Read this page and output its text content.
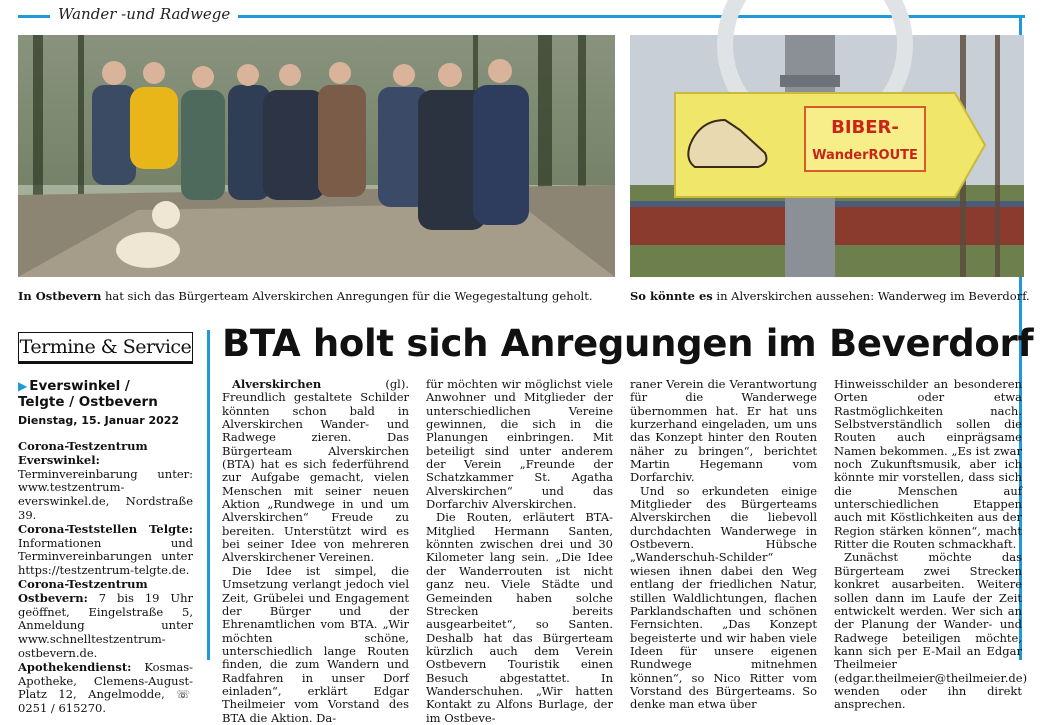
Wander -und Radwege
BIBER-
WanderROUTE
In Ostbevern hat sich das Bürgerteam Alverskirchen Anregungen für die Wegegestaltung geholt.	So könnte es in Alverskirchen aussehen: Wanderweg im Beverdorf.
Termine & Service
▶ Everswinkel /
Telgte / Ostbevern
Dienstag, 15. Januar 2022

Corona-Testzentrum Everswinkel: Terminvereinbarung unter: www.testzentrum-everswinkel.de, Nordstraße 39.

Corona-Teststellen Telgte: Informationen und Terminvereinbarungen unter https://testzentrum-telgte.de.

Corona-Testzentrum Ostbevern: 7 bis 19 Uhr geöffnet, Eingelstraße 5, Anmeldung unter www.schnelltestzentrum-ostbevern.de.

Apothekendienst: Kosmas-Apotheke, Clemens-August-Platz 12, Angelmodde, ☏0251 / 615270.

BTA holt sich Anregungen im Beverdorf

Alverskirchen (gl). Freundlich gestaltete Schilder könnten schon bald in Alverskirchen Wander- und Radwege zieren. Das Bürgerteam Alverskirchen (BTA) hat es sich federführend zur Aufgabe gemacht, vielen Menschen mit seiner neuen Aktion „Rundwege in und um Alverskirchen“ Freude zu bereiten. Unterstützt wird es bei seiner Idee von mehreren Alverskirchener Vereinen.

Die Idee ist simpel, die Umsetzung verlangt jedoch viel Zeit, Grübelei und Engagement der Bürger und der Ehrenamtlichen vom BTA. „Wir möchten schöne, unterschiedlich lange Routen finden, die zum Wandern und Radfahren in unser Dorf einladen“, erklärt Edgar Theilmeier vom Vorstand des BTA die Aktion. Da-

für möchten wir möglichst viele Anwohner und Mitglieder der unterschiedlichen Vereine gewinnen, die sich in die Planungen einbringen. Mit beteiligt sind unter anderem der Verein „Freunde der Schatzkammer St. Agatha Alverskirchen“ und das Dorfarchiv Alverskirchen.

Die Routen, erläutert BTA-Mitglied Hermann Santen, könnten zwischen drei und 30 Kilometer lang sein. „Die Idee der Wanderrouten ist nicht ganz neu. Viele Städte und Gemeinden haben solche Strecken bereits ausgearbeitet“, so Santen. Deshalb hat das Bürgerteam kürzlich auch dem Verein Ostbevern Touristik einen Besuch abgestattet. In Wanderschuhen. „Wir hatten Kontakt zu Alfons Burlage, der im Ostbeve-

raner Verein die Verantwortung für die Wanderwege übernommen hat. Er hat uns kurzerhand eingeladen, um uns das Konzept hinter den Routen näher zu bringen“, berichtet Martin Hegemann vom Dorfarchiv.

Und so erkundeten einige Mitglieder des Bürgerteams Alverskirchen die liebevoll durchdachten Wanderwege in Ostbevern. Hübsche „Wanderschuh-Schilder“ wiesen ihnen dabei den Weg entlang der friedlichen Natur, stillen Waldlichtungen, flachen Parklandschaften und schönen Fernsichten. „Das Konzept begeisterte und wir haben viele Ideen für unsere eigenen Rundwege mitnehmen können“, so Nico Ritter vom Vorstand des Bürgerteams. So denke man etwa über

Hinweisschilder an besonderen Orten oder etwa Rastmöglichkeiten nach. Selbstverständlich sollen die Routen auch einprägsame Namen bekommen. „Es ist zwar noch Zukunftsmusik, aber ich könnte mir vorstellen, dass sich die Menschen auf unterschiedlichen Etappen auch mit Köstlichkeiten aus der Region stärken können“, macht Ritter die Routen schmackhaft.

Zunächst möchte das Bürgerteam zwei Strecken konkret ausarbeiten. Weitere sollen dann im Laufe der Zeit entwickelt werden. Wer sich an der Planung der Wander- und Radwege beteiligen möchte, kann sich per E-Mail an Edgar Theilmeier (edgar.theilmeier@theilmeier.de) wenden oder ihn direkt ansprechen.
